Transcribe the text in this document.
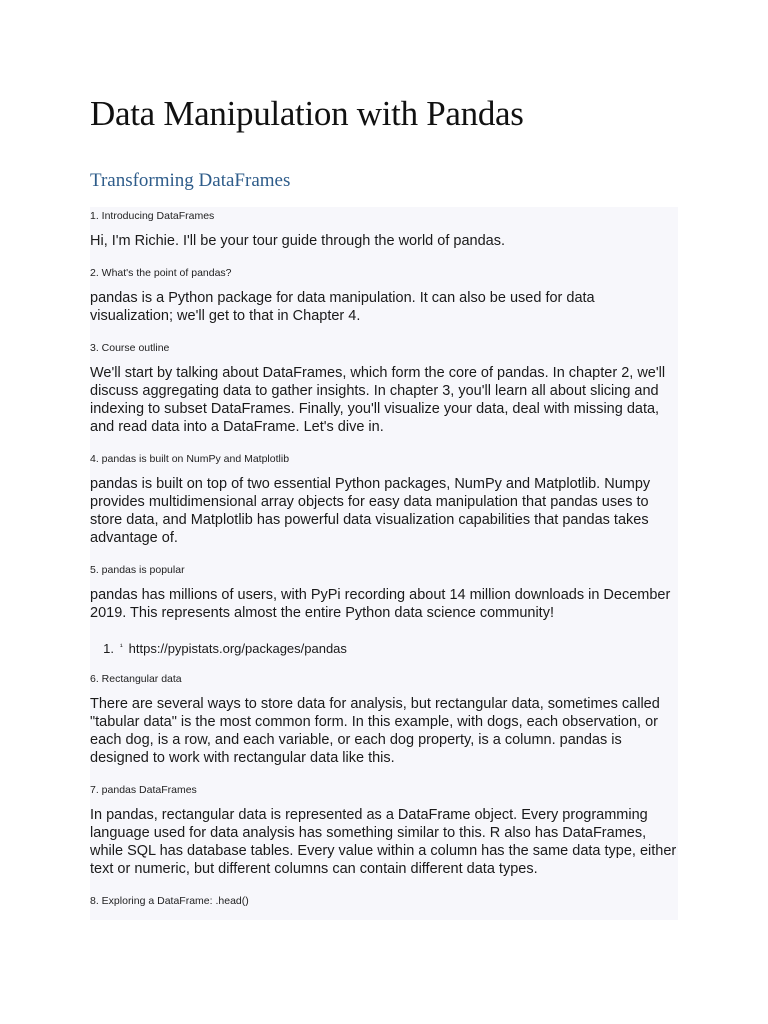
Data Manipulation with Pandas
Transforming DataFrames

1. Introducing DataFrames

Hi, I'm Richie. I'll be your tour guide through the world of pandas.

2. What's the point of pandas?

pandas is a Python package for data manipulation. It can also be used for data visualization; we'll get to that in Chapter 4.

3. Course outline

We'll start by talking about DataFrames, which form the core of pandas. In chapter 2, we'll discuss aggregating data to gather insights. In chapter 3, you'll learn all about slicing and indexing to subset DataFrames. Finally, you'll visualize your data, deal with missing data, and read data into a DataFrame. Let's dive in.

4. pandas is built on NumPy and Matplotlib

pandas is built on top of two essential Python packages, NumPy and Matplotlib. Numpy provides multidimensional array objects for easy data manipulation that pandas uses to store data, and Matplotlib has powerful data visualization capabilities that pandas takes advantage of.

5. pandas is popular

pandas has millions of users, with PyPi recording about 14 million downloads in December 2019. This represents almost the entire Python data science community!

1. ¹ https://pypistats.org/packages/pandas

6. Rectangular data

There are several ways to store data for analysis, but rectangular data, sometimes called "tabular data" is the most common form. In this example, with dogs, each observation, or each dog, is a row, and each variable, or each dog property, is a column. pandas is designed to work with rectangular data like this.

7. pandas DataFrames

In pandas, rectangular data is represented as a DataFrame object. Every programming language used for data analysis has something similar to this. R also has DataFrames, while SQL has database tables. Every value within a column has the same data type, either text or numeric, but different columns can contain different data types.

8. Exploring a DataFrame: .head()
